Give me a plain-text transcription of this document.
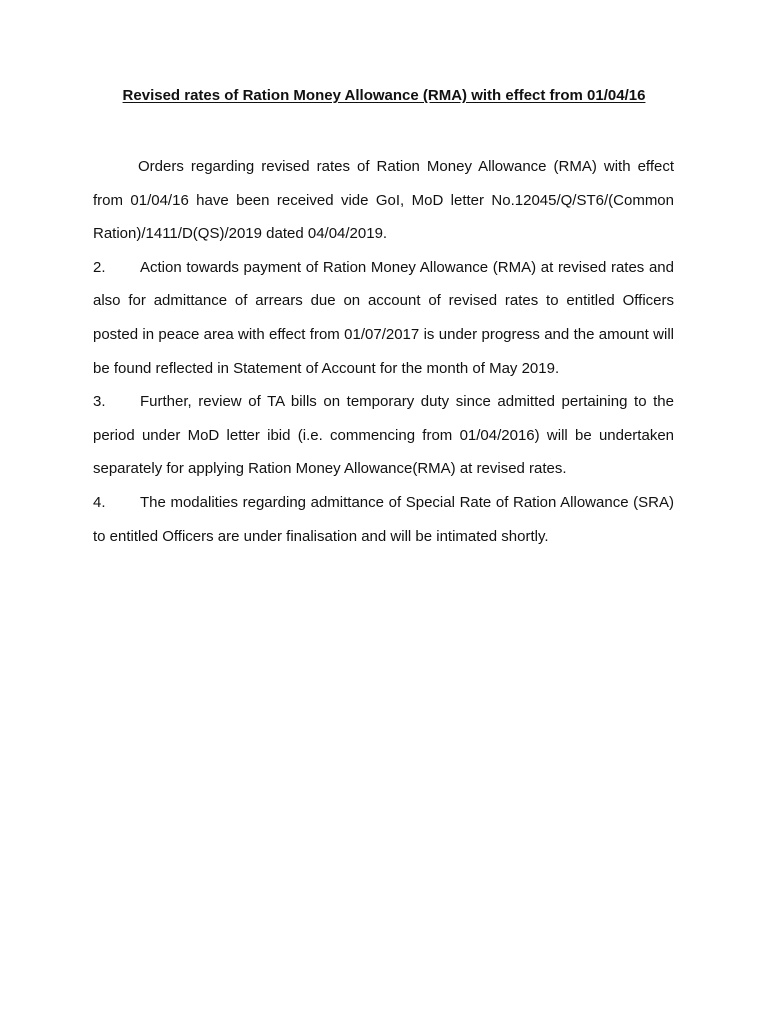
Revised rates of Ration Money Allowance (RMA) with effect from 01/04/16

Orders regarding revised rates of Ration Money Allowance (RMA) with effect from 01/04/16 have been received vide GoI, MoD letter No.12045/Q/ST6/(Common Ration)/1411/D(QS)/2019 dated 04/04/2019.

2. Action towards payment of Ration Money Allowance (RMA) at revised rates and also for admittance of arrears due on account of revised rates to entitled Officers posted in peace area with effect from 01/07/2017 is under progress and the amount will be found reflected in Statement of Account for the month of May 2019.

3. Further, review of TA bills on temporary duty since admitted pertaining to the period under MoD letter ibid (i.e. commencing from 01/04/2016) will be undertaken separately for applying Ration Money Allowance(RMA) at revised rates.

4. The modalities regarding admittance of Special Rate of Ration Allowance (SRA) to entitled Officers are under finalisation and will be intimated shortly.
